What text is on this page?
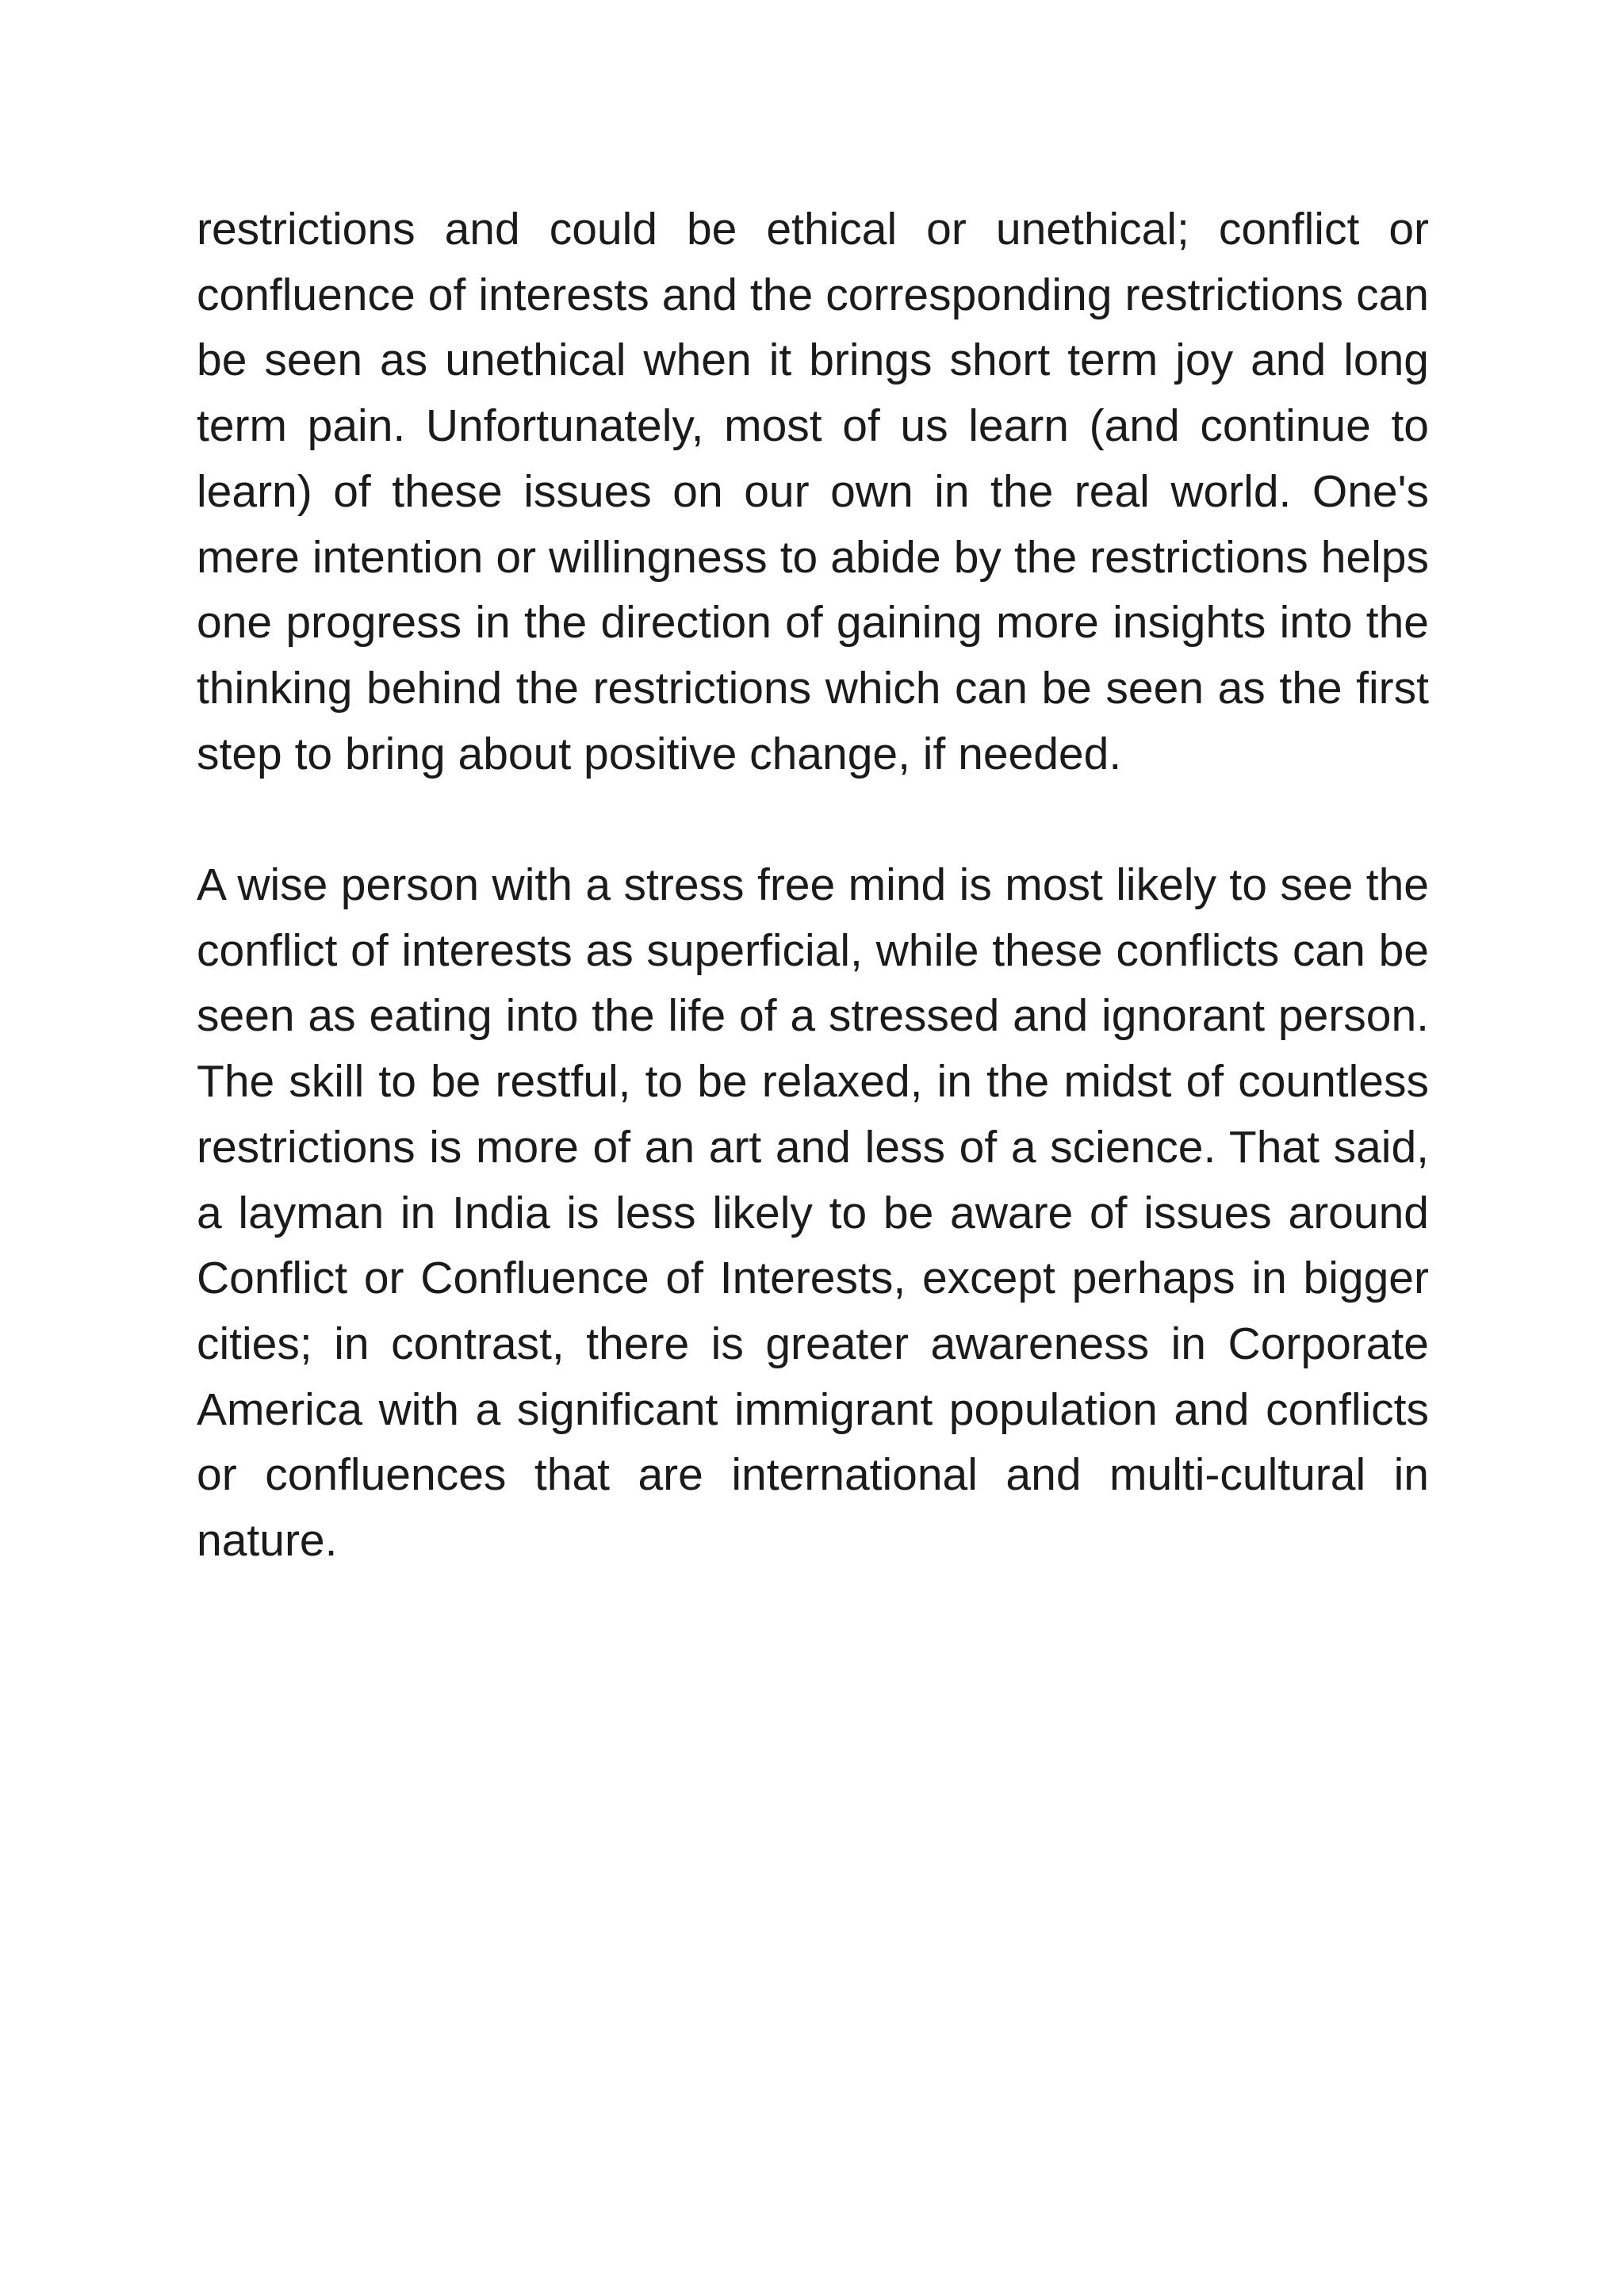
restrictions and could be ethical or unethical; conflict or confluence of interests and the corresponding restrictions can be seen as unethical when it brings short term joy and long term pain. Unfortunately, most of us learn (and continue to learn) of these issues on our own in the real world. One's mere intention or willingness to abide by the restrictions helps one progress in the direction of gaining more insights into the thinking behind the restrictions which can be seen as the first step to bring about positive change, if needed.

A wise person with a stress free mind is most likely to see the conflict of interests as superficial, while these conflicts can be seen as eating into the life of a stressed and ignorant person. The skill to be restful, to be relaxed, in the midst of countless restrictions is more of an art and less of a science. That said, a layman in India is less likely to be aware of issues around Conflict or Confluence of Interests, except perhaps in bigger cities; in contrast, there is greater awareness in Corporate America with a significant immigrant population and conflicts or confluences that are international and multi-cultural in nature.
